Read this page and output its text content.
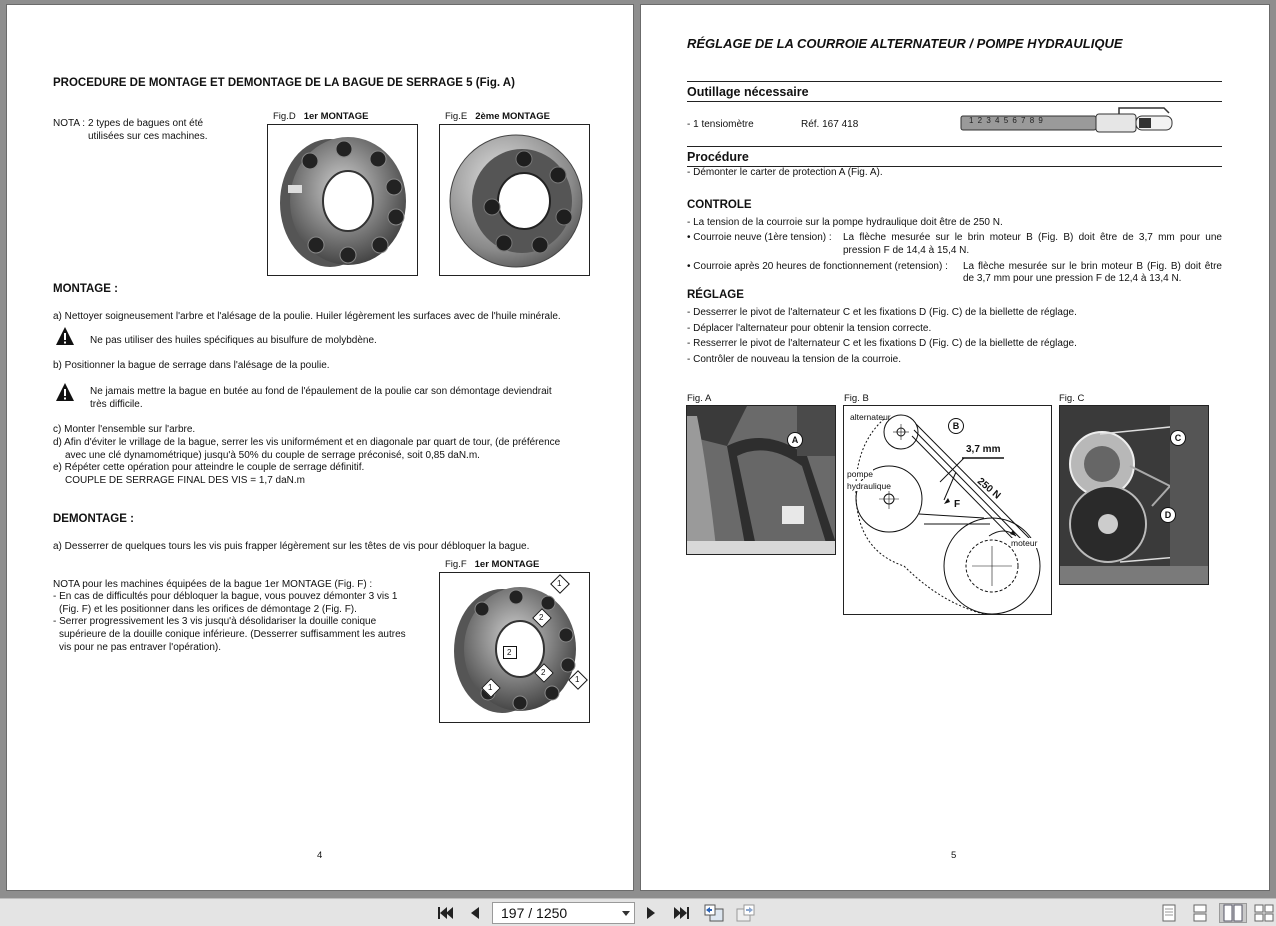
PROCEDURE DE MONTAGE ET DEMONTAGE DE LA BAGUE DE SERRAGE 5 (Fig. A)
NOTA : 2 types de bagues ont été
utilisées sur ces machines.
Fig.D 1er MONTAGE	Fig.E 2ème MONTAGE
MONTAGE :
a) Nettoyer soigneusement l'arbre et l'alésage de la poulie. Huiler légèrement les surfaces avec de l'huile minérale.
Ne pas utiliser des huiles spécifiques au bisulfure de molybdène.
b) Positionner la bague de serrage dans l'alésage de la poulie.
Ne jamais mettre la bague en butée au fond de l'épaulement de la poulie car son démontage deviendrait
très difficile.
c) Monter l'ensemble sur l'arbre.
d) Afin d'éviter le vrillage de la bague, serrer les vis uniformément et en diagonale par quart de tour, (de préférence
avec une clé dynamométrique) jusqu'à 50% du couple de serrage préconisé, soit 0,85 daN.m.
e) Répéter cette opération pour atteindre le couple de serrage définitif.
COUPLE DE SERRAGE FINAL DES VIS = 1,7 daN.m
DEMONTAGE :
a) Desserrer de quelques tours les vis puis frapper légèrement sur les têtes de vis pour débloquer la bague.
NOTA pour les machines équipées de la bague 1er MONTAGE (Fig. F) :
- En cas de difficultés pour débloquer la bague, vous pouvez démonter 3 vis 1
(Fig. F) et les positionner dans les orifices de démontage 2 (Fig. F).
- Serrer progressivement les 3 vis jusqu'à désolidariser la douille conique
supérieure de la douille conique inférieure. (Desserrer suffisamment les autres
vis pour ne pas entraver l'opération).
Fig.F 1er MONTAGE
1
2
2
2
1
1
4
RÉGLAGE DE LA COURROIE ALTERNATEUR / POMPE HYDRAULIQUE
Outillage nécessaire
- 1 tensiomètre	Réf. 167 418	1 2 3 4 5 6 7 8 9
Procédure
- Démonter le carter de protection A (Fig. A).
CONTROLE
- La tension de la courroie sur la pompe hydraulique doit être de 250 N.
• Courroie neuve (1ère tension) : La flèche mesurée sur le brin moteur B (Fig. B) doit être de 3,7 mm pour une
pression F de 14,4 à 15,4 N.
• Courroie après 20 heures de fonctionnement (retension) : La flèche mesurée sur le brin moteur B (Fig. B) doit être
de 3,7 mm pour une pression F de 12,4 à 13,4 N.
RÉGLAGE
- Desserrer le pivot de l'alternateur C et les fixations D (Fig. C) de la biellette de réglage.
- Déplacer l'alternateur pour obtenir la tension correcte.
- Resserrer le pivot de l'alternateur C et les fixations D (Fig. C) de la biellette de réglage.
- Contrôler de nouveau la tension de la courroie.
Fig. A
A
Fig. B
alternateur
B
3,7 mm
250 N
F
pompe
hydraulique
moteur
Fig. C
C
D
5
197 / 1250
